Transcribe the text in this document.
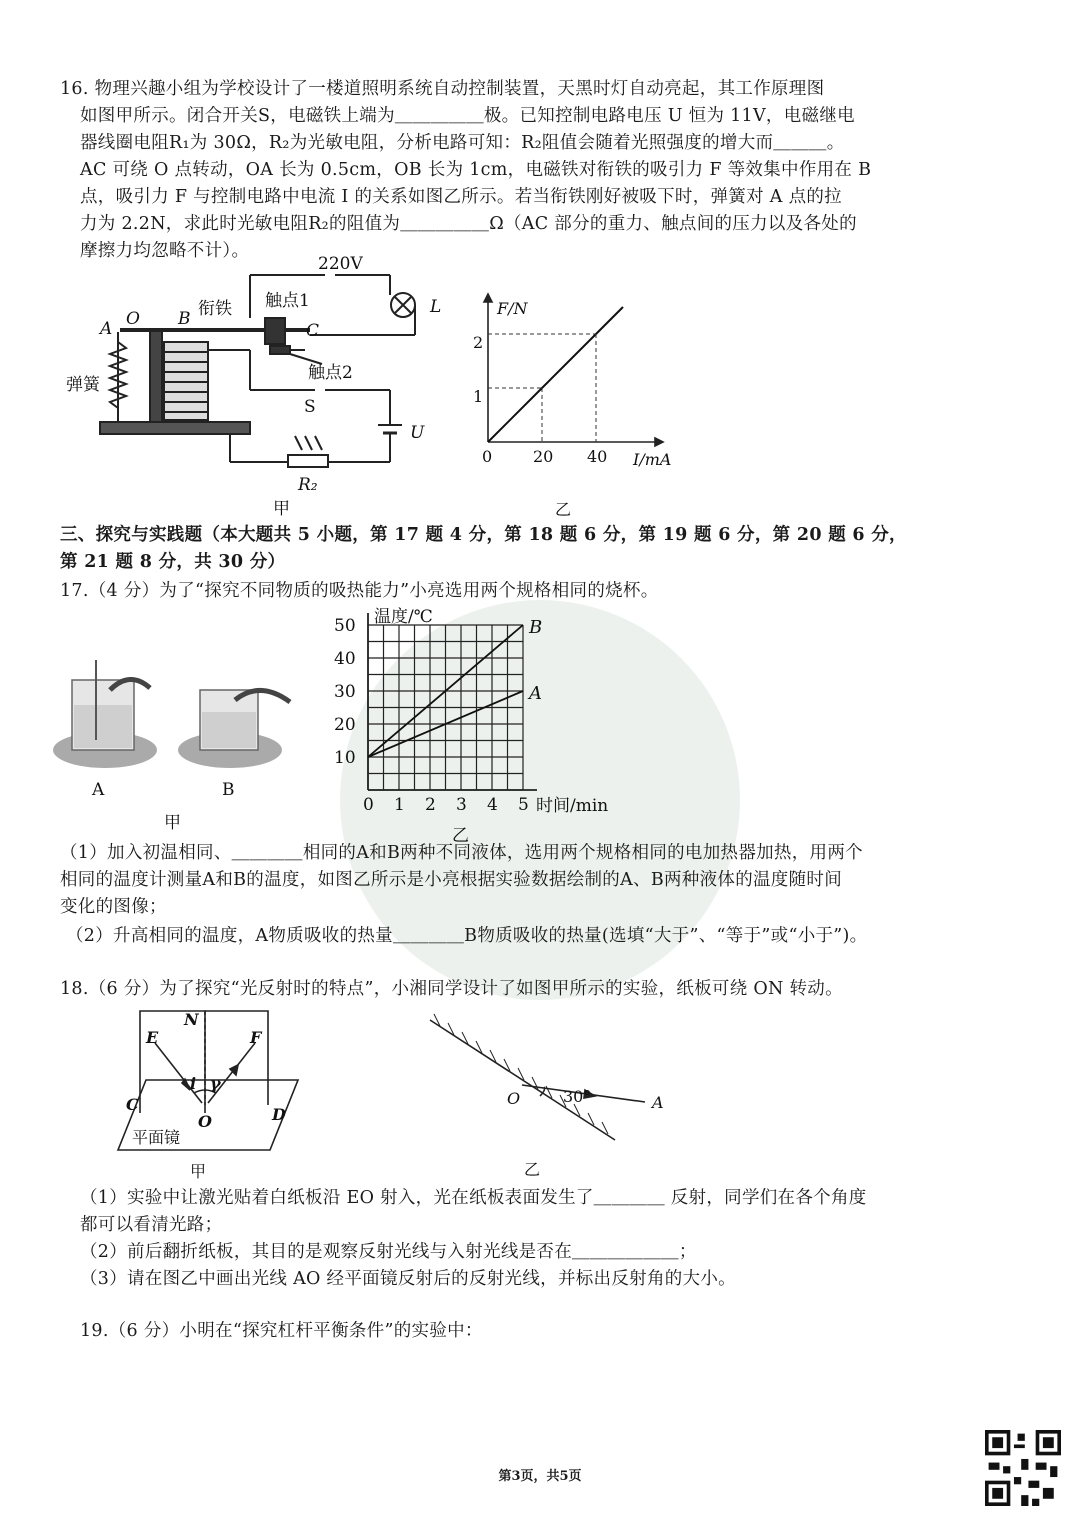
16. 物理兴趣小组为学校设计了一楼道照明系统自动控制装置，天黑时灯自动亮起，其工作原理图
如图甲所示。闭合开关S，电磁铁上端为＿＿＿＿＿极。已知控制电路电压 U 恒为 11V，电磁继电
器线圈电阻R₁为 30Ω，R₂为光敏电阻，分析电路可知：R₂阻值会随着光照强度的增大而＿＿＿。
AC 可绕 O 点转动，OA 长为 0.5cm，OB 长为 1cm，电磁铁对衔铁的吸引力 F 等效集中作用在 B
点，吸引力 F 与控制电路中电流 I 的关系如图乙所示。若当衔铁刚好被吸下时，弹簧对 A 点的拉
力为 2.2N，求此时光敏电阻R₂的阻值为＿＿＿＿＿Ω（AC 部分的重力、触点间的压力以及各处的
摩擦力均忽略不计）。
220V
L
衔铁 触点1
触点2
弹簧
A O B
C
S
U
R₂
甲
F/N
I/mA
0	20 40
1
2
乙
三、探究与实践题（本大题共 5 小题，第 17 题 4 分，第 18 题 6 分，第 19 题 6 分，第 20 题 6 分，
第 21 题 8 分，共 30 分）
17.（4 分）为了“探究不同物质的吸热能力”小亮选用两个规格相同的烧杯。
A	B
甲
A
B
0 1 2 3 4 5
10
20
30
40
50 温度/℃
时间/min
乙
（1）加入初温相同、＿＿＿＿相同的A和B两种不同液体，选用两个规格相同的电加热器加热，用两个
相同的温度计测量A和B的温度，如图乙所示是小亮根据实验数据绘制的A、B两种液体的温度随时间
变化的图像；
（2）升高相同的温度，A物质吸收的热量＿＿＿＿B物质吸收的热量(选填“大于”、“等于”或“小于”)。
18.（6 分）为了探究“光反射时的特点”，小湘同学设计了如图甲所示的实验，纸板可绕 ON 转动。
N
E	F
C
D
O
i γ
平面镜
甲
O	30°	A
乙
（1）实验中让激光贴着白纸板沿 EO 射入，光在纸板表面发生了＿＿＿＿ 反射，同学们在各个角度
都可以看清光路；
（2）前后翻折纸板，其目的是观察反射光线与入射光线是否在＿＿＿＿＿＿；
（3）请在图乙中画出光线 AO 经平面镜反射后的反射光线，并标出反射角的大小。
19.（6 分）小明在“探究杠杆平衡条件”的实验中：
第3页，共5页
